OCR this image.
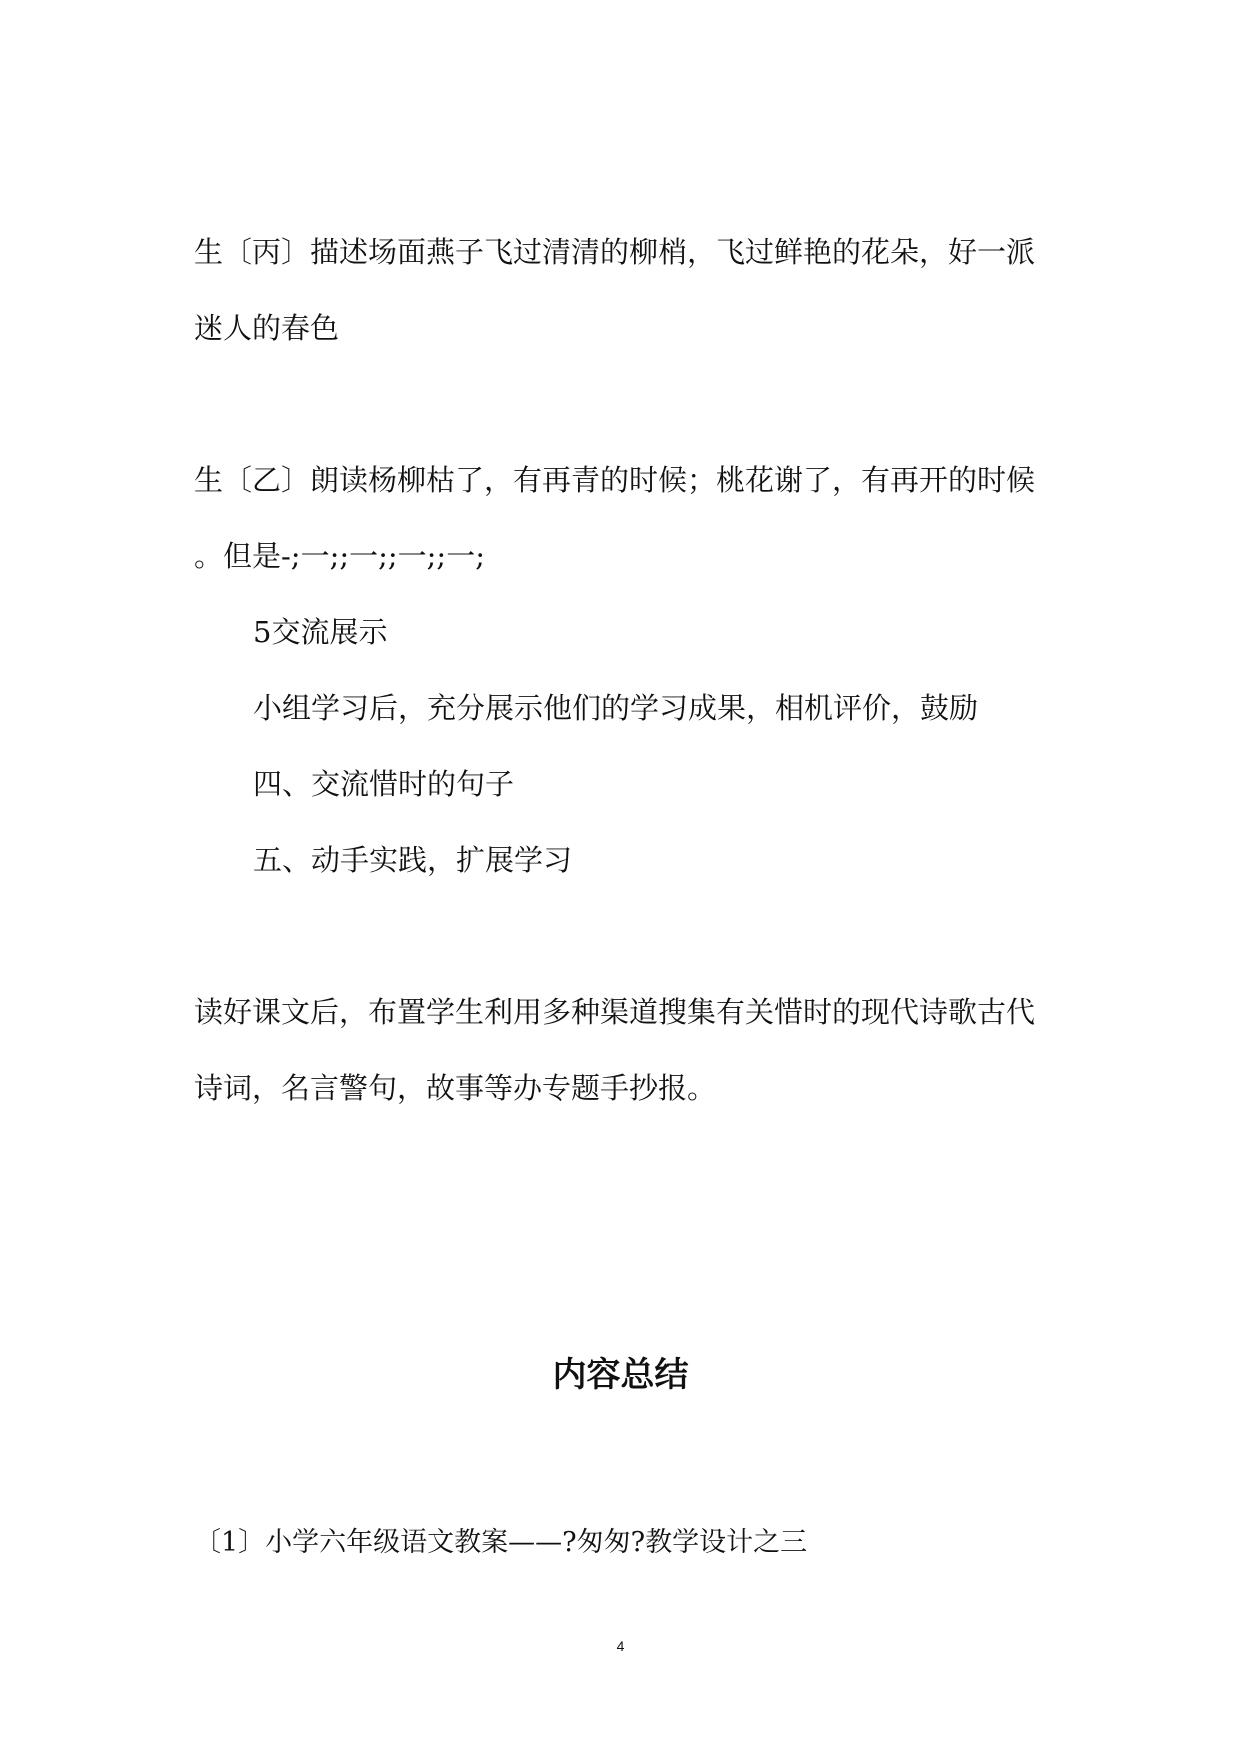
生〔丙〕描述场面燕子飞过清清的柳梢，飞过鲜艳的花朵，好一派
迷人的春色
生〔乙〕朗读杨柳枯了，有再青的时候；桃花谢了，有再开的时候
。但是-;一;;一;;一;;一;
5交流展示
小组学习后，充分展示他们的学习成果，相机评价，鼓励
四、交流惜时的句子
五、动手实践，扩展学习
读好课文后，布置学生利用多种渠道搜集有关惜时的现代诗歌古代
诗词，名言警句，故事等办专题手抄报。
内容总结
〔1〕小学六年级语文教案——?匆匆?教学设计之三
4
